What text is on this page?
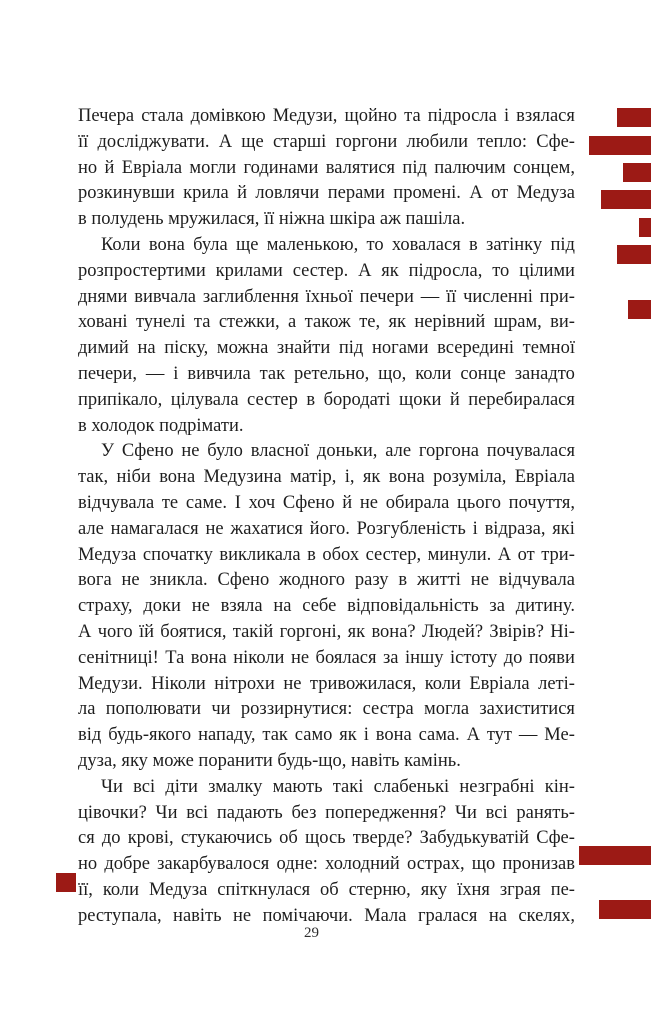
Печера стала домівкою Медузи, щойно та підросла і взялася
її досліджувати. А ще старші горгони любили тепло: Сфе-
но й Евріала могли годинами валятися під палючим сонцем,
розкинувши крила й ловлячи перами промені. А от Медуза
в полудень мружилася, її ніжна шкіра аж пашіла.
Коли вона була ще маленькою, то ховалася в затінку під
розпростертими крилами сестер. А як підросла, то цілими
днями вивчала заглиблення їхньої печери — її численні при-
ховані тунелі та стежки, а також те, як нерівний шрам, ви-
димий на піску, можна знайти під ногами всередині темної
печери, — і вивчила так ретельно, що, коли сонце занадто
припікало, цілувала сестер в бородаті щоки й перебиралася
в холодок подрімати.
У Сфено не було власної доньки, але горгона почувалася
так, ніби вона Медузина матір, і, як вона розуміла, Евріала
відчувала те саме. І хоч Сфено й не обирала цього почуття,
але намагалася не жахатися його. Розгубленість і відраза, які
Медуза спочатку викликала в обох сестер, минули. А от три-
вога не зникла. Сфено жодного разу в житті не відчувала
страху, доки не взяла на себе відповідальність за дитину.
А чого їй боятися, такій горгоні, як вона? Людей? Звірів? Ні-
сенітниці! Та вона ніколи не боялася за іншу істоту до появи
Медузи. Ніколи нітрохи не тривожилася, коли Евріала леті-
ла пополювати чи роззирнутися: сестра могла захиститися
від будь-якого нападу, так само як і вона сама. А тут — Ме-
дуза, яку може поранити будь-що, навіть камінь.
Чи всі діти змалку мають такі слабенькі незграбні кін-
цівочки? Чи всі падають без попередження? Чи всі ранять-
ся до крові, стукаючись об щось тверде? Забудькуватій Сфе-
но добре закарбувалося одне: холодний острах, що пронизав
її, коли Медуза спіткнулася об стерню, яку їхня зграя пе-
реступала, навіть не помічаючи. Мала гралася на скелях,
29
